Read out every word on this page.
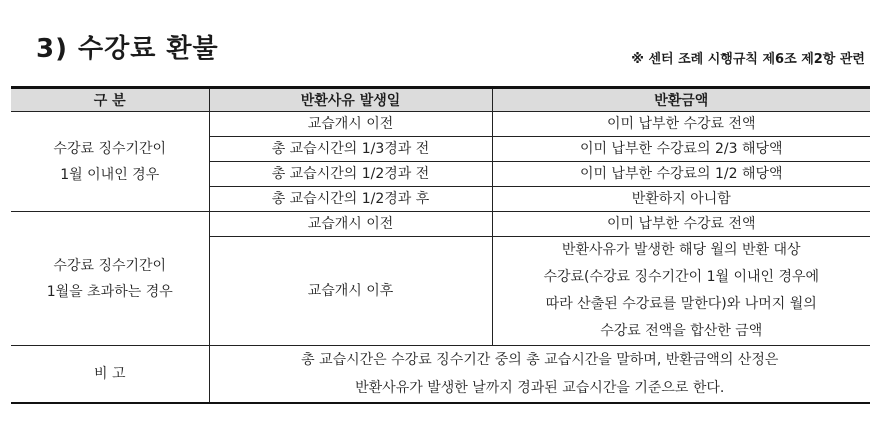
3) 수강료 환불	※ 센터 조례 시행규칙 제6조 제2항 관련
구 분	반환사유 발생일	반환금액

수강료 징수기간이
1월 이내인 경우	교습개시 이전	이미 납부한 수강료 전액
	총 교습시간의 1/3경과 전	이미 납부한 수강료의 2/3 해당액
	총 교습시간의 1/2경과 전	이미 납부한 수강료의 1/2 해당액
	총 교습시간의 1/2경과 후	반환하지 아니함

수강료 징수기간이
1월을 초과하는 경우	교습개시 이전	이미 납부한 수강료 전액
	교습개시 이후	반환사유가 발생한 해당 월의 반환 대상
수강료(수강료 징수기간이 1월 이내인 경우에
따라 산출된 수강료를 말한다)와 나머지 월의
수강료 전액을 합산한 금액

비 고	총 교습시간은 수강료 징수기간 중의 총 교습시간을 말하며, 반환금액의 산정은
반환사유가 발생한 날까지 경과된 교습시간을 기준으로 한다.	
